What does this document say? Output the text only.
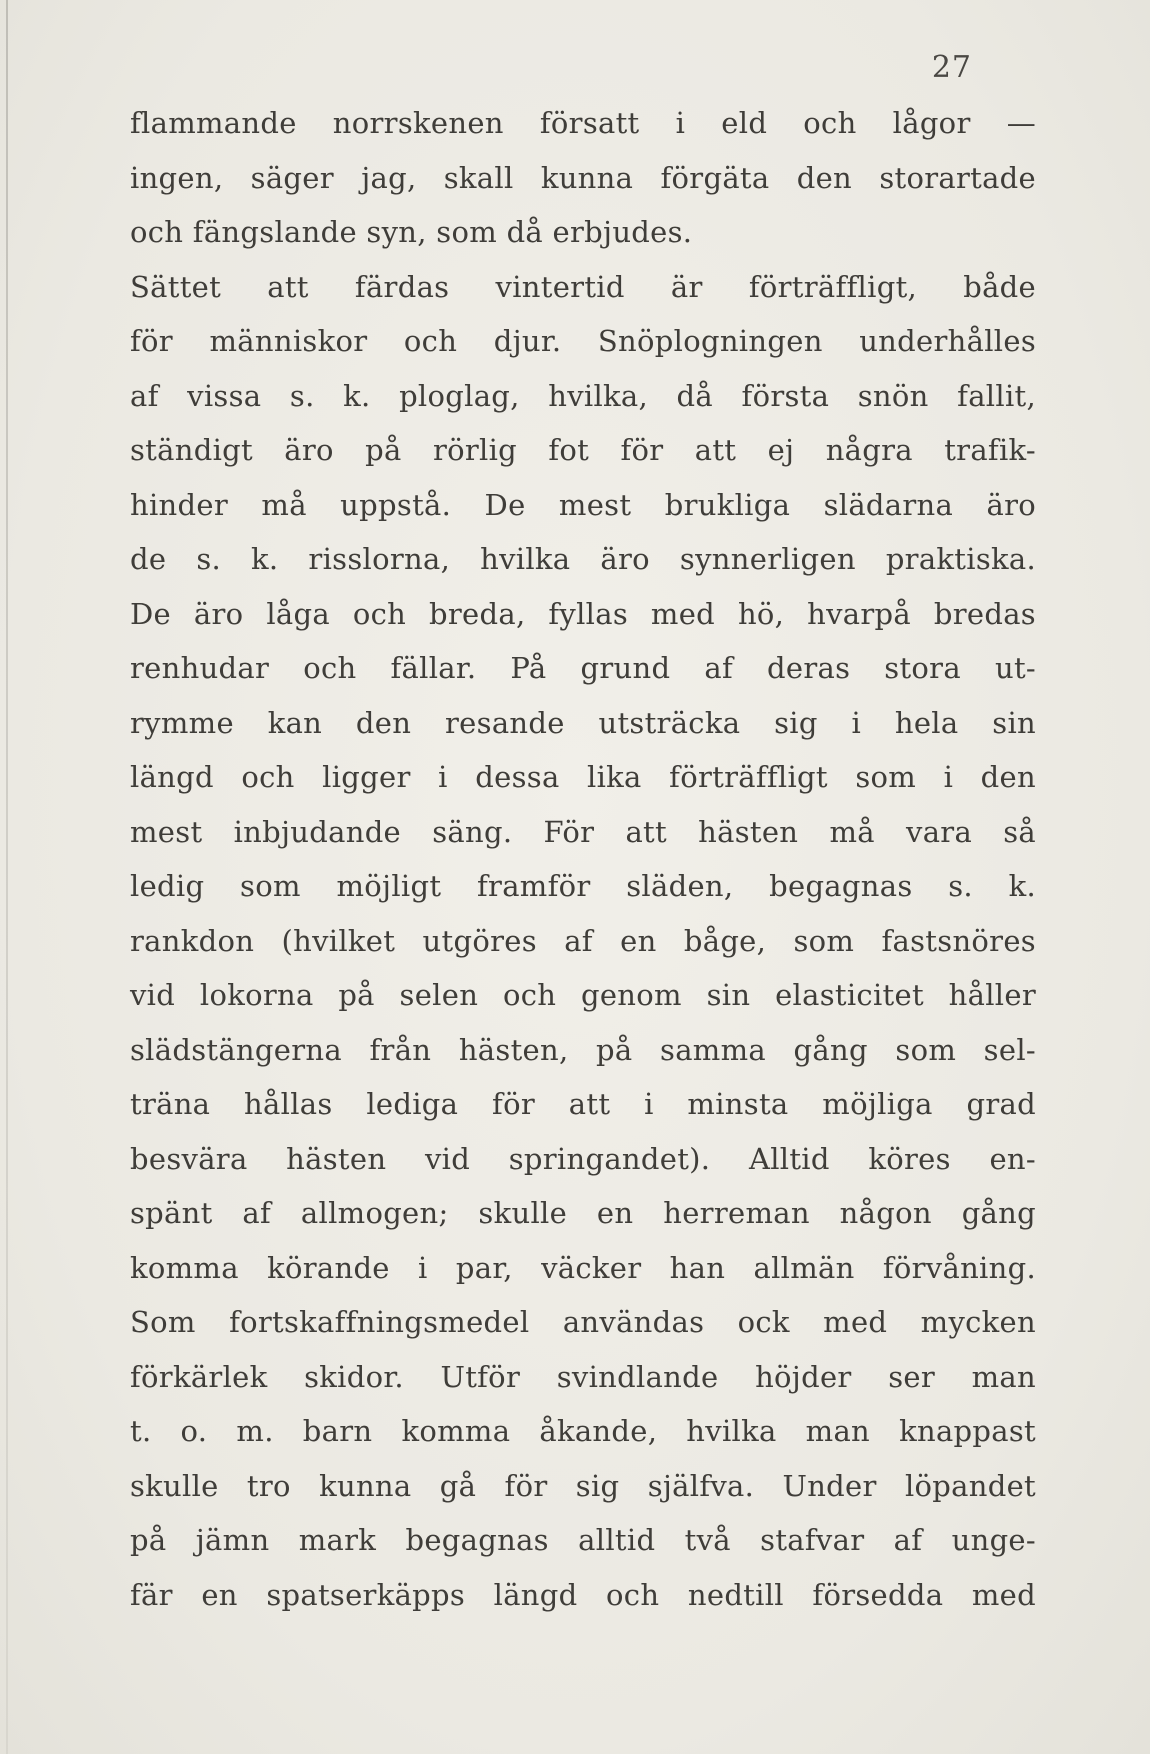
27
flammande norrskenen försatt i eld och lågor —
ingen, säger jag, skall kunna förgäta den storartade
och fängslande syn, som då erbjudes.
Sättet att färdas vintertid är förträffligt, både
för människor och djur. Snöplogningen underhålles
af vissa s. k. ploglag, hvilka, då första snön fallit,
ständigt äro på rörlig fot för att ej några trafik-
hinder må uppstå. De mest brukliga slädarna äro
de s. k. risslorna, hvilka äro synnerligen praktiska.
De äro låga och breda, fyllas med hö, hvarpå bredas
renhudar och fällar. På grund af deras stora ut-
rymme kan den resande utsträcka sig i hela sin
längd och ligger i dessa lika förträffligt som i den
mest inbjudande säng. För att hästen må vara så
ledig som möjligt framför släden, begagnas s. k.
rankdon (hvilket utgöres af en båge, som fastsnöres
vid lokorna på selen och genom sin elasticitet håller
slädstängerna från hästen, på samma gång som sel-
träna hållas lediga för att i minsta möjliga grad
besvära hästen vid springandet). Alltid köres en-
spänt af allmogen; skulle en herreman någon gång
komma körande i par, väcker han allmän förvåning.
Som fortskaffningsmedel användas ock med mycken
förkärlek skidor. Utför svindlande höjder ser man
t. o. m. barn komma åkande, hvilka man knappast
skulle tro kunna gå för sig själfva. Under löpandet
på jämn mark begagnas alltid två stafvar af unge-
fär en spatserkäpps längd och nedtill försedda med
